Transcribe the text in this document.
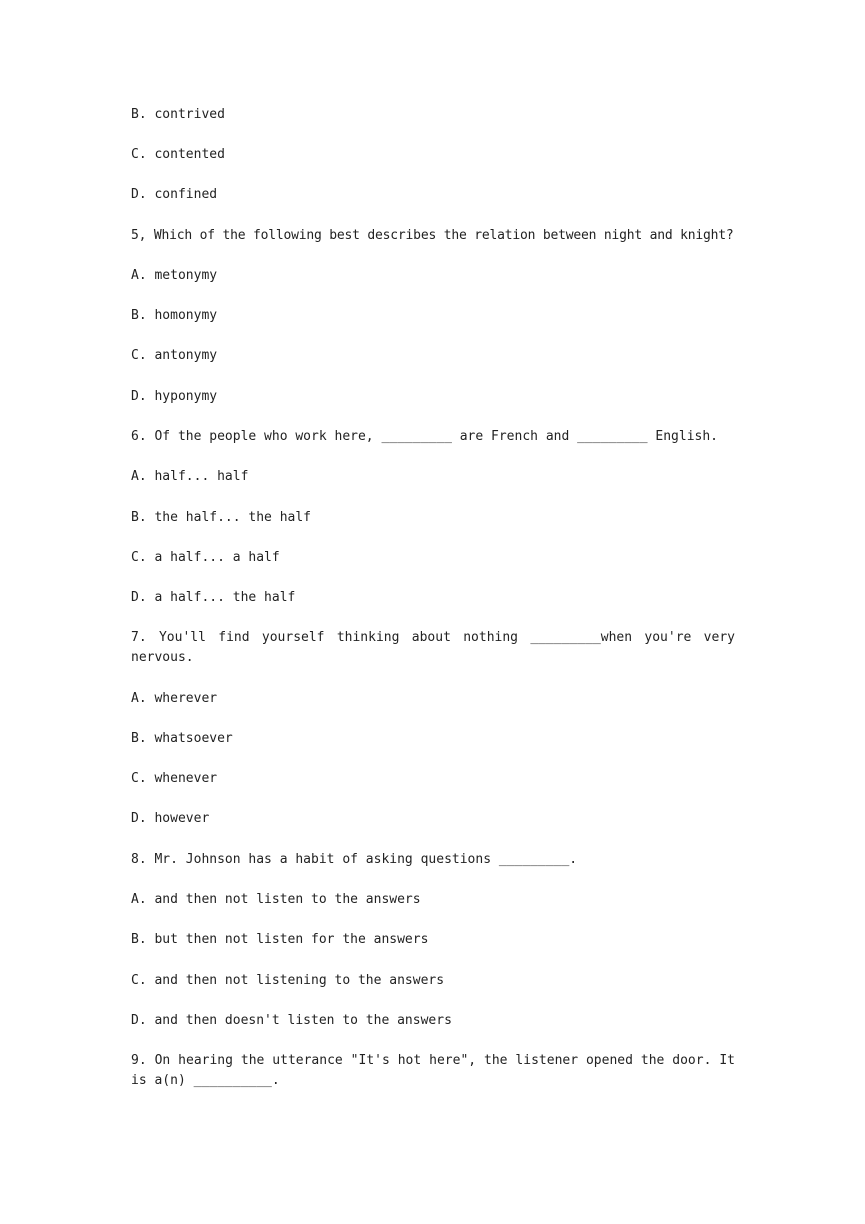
B. contrived

C. contented

D. confined

5, Which of the following best describes the relation between night and knight?

A. metonymy

B. homonymy

C. antonymy

D. hyponymy

6. Of the people who work here, _________ are French and _________ English.

A. half... half

B. the half... the half

C. a half... a half

D. a half... the half

7. You'll find yourself thinking about nothing _________when you're very

nervous.

A. wherever

B. whatsoever

C. whenever

D. however

8. Mr. Johnson has a habit of asking questions _________.

A. and then not listen to the answers

B. but then not listen for the answers

C. and then not listening to the answers

D. and then doesn't listen to the answers

9. On hearing the utterance "It's hot here", the listener opened the door. It

is a(n) __________.
